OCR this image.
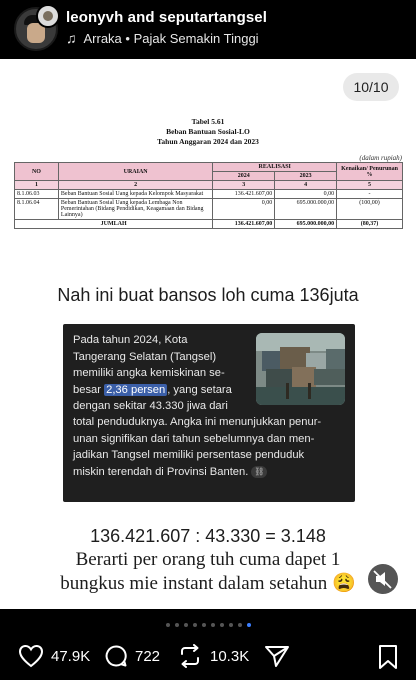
leonyvh and seputartangsel
♫ Arraka • Pajak Semakin Tinggi
10/10
Tabel 5.61
Beban Bantuan Sosial-LO
Tahun Anggaran 2024 dan 2023
(dalam rupiah)
NO	URAIAN	REALISASI		Kenaikan/ Penurunan %
		2024	2023	
1	2	3	4	5
8.1.06.03	Beban Bantuan Sosial Uang kepada Kelompok Masyarakat	136.421.607,00	0,00	-
8.1.06.04	Beban Bantuan Sosial Uang kepada Lembaga Non Pemerintahan (Bidang Pendidikan, Keagamaan dan Bidang Lainnya)	0,00	695.000.000,00	(100,00)
JUMLAH		136.421.607,00	695.000.000,00	(80,37)
Nah ini buat bansos loh cuma 136juta
Pada tahun 2024, Kota
Tangerang Selatan (Tangsel)
memiliki angka kemiskinan se-
besar 2,36 persen , yang setara
dengan sekitar 43.330 jiwa dari
total penduduknya. Angka ini menunjukkan penur-
unan signifikan dari tahun sebelumnya dan men-
jadikan Tangsel memiliki persentase penduduk
miskin terendah di Provinsi Banten. ⛓
136.421.607 : 43.330 = 3.148
Berarti per orang tuh cuma dapet 1
bungkus mie instant dalam setahun 😩
47.9K	722	10.3K
